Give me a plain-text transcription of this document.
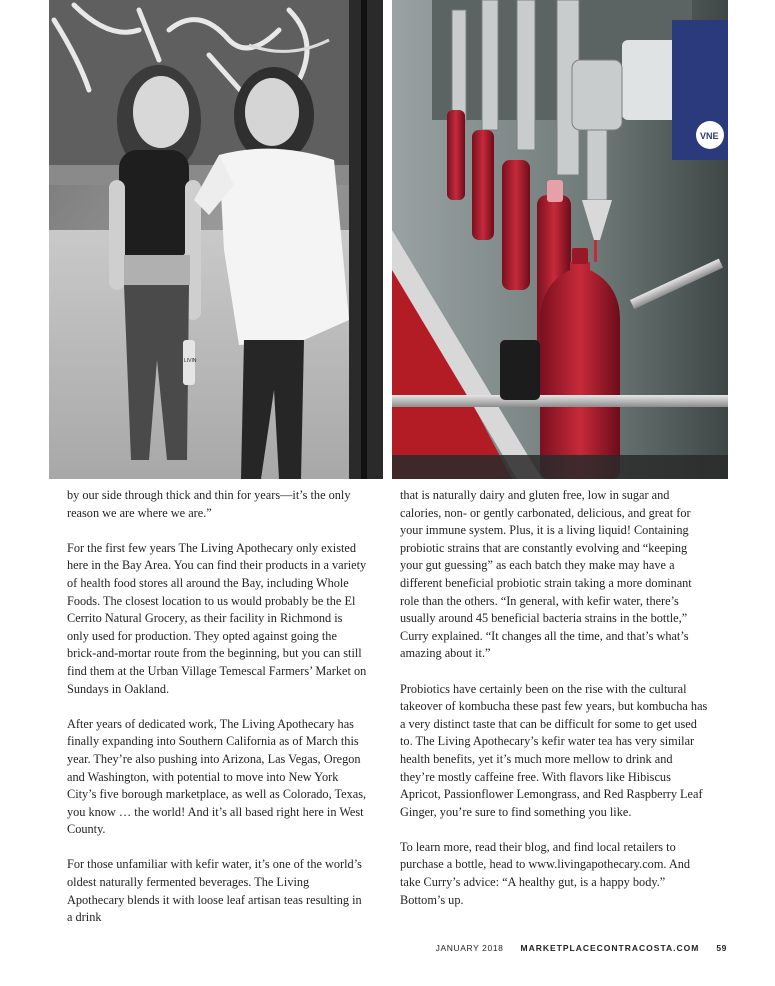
LIVIN
VNE

by our side through thick and thin for years—it’s the only reason we are where we are.”

For the first few years The Living Apothecary only existed here in the Bay Area. You can find their products in a variety of health food stores all around the Bay, including Whole Foods. The closest location to us would probably be the El Cerrito Natural Grocery, as their facility in Richmond is only used for production. They opted against going the brick-and-mortar route from the beginning, but you can still find them at the Urban Village Temescal Farmers’ Market on Sundays in Oakland.

After years of dedicated work, The Living Apothecary has finally expanding into Southern California as of March this year. They’re also pushing into Arizona, Las Vegas, Oregon and Washington, with potential to move into New York City’s five borough marketplace, as well as Colorado, Texas, you know … the world! And it’s all based right here in West County.

For those unfamiliar with kefir water, it’s one of the world’s oldest naturally fermented beverages. The Living Apothecary blends it with loose leaf artisan teas resulting in a drink

that is naturally dairy and gluten free, low in sugar and calories, non- or gently carbonated, delicious, and great for your immune system. Plus, it is a living liquid! Containing probiotic strains that are constantly evolving and “keeping your gut guessing” as each batch they make may have a different beneficial probiotic strain taking a more dominant role than the others. “In general, with kefir water, there’s usually around 45 beneficial bacteria strains in the bottle,” Curry explained. “It changes all the time, and that’s what’s amazing about it.”

Probiotics have certainly been on the rise with the cultural takeover of kombucha these past few years, but kombucha has a very distinct taste that can be difficult for some to get used to. The Living Apothecary’s kefir water tea has very similar health benefits, yet it’s much more mellow to drink and they’re mostly caffeine free. With flavors like Hibiscus Apricot, Passionflower Lemongrass, and Red Raspberry Leaf Ginger, you’re sure to find something you like.

To learn more, read their blog, and find local retailers to purchase a bottle, head to www.livingapothecary.com. And take Curry’s advice: “A healthy gut, is a happy body.” Bottom’s up.

JANUARY 2018 MARKETPLACECONTRACOSTA.COM 59
